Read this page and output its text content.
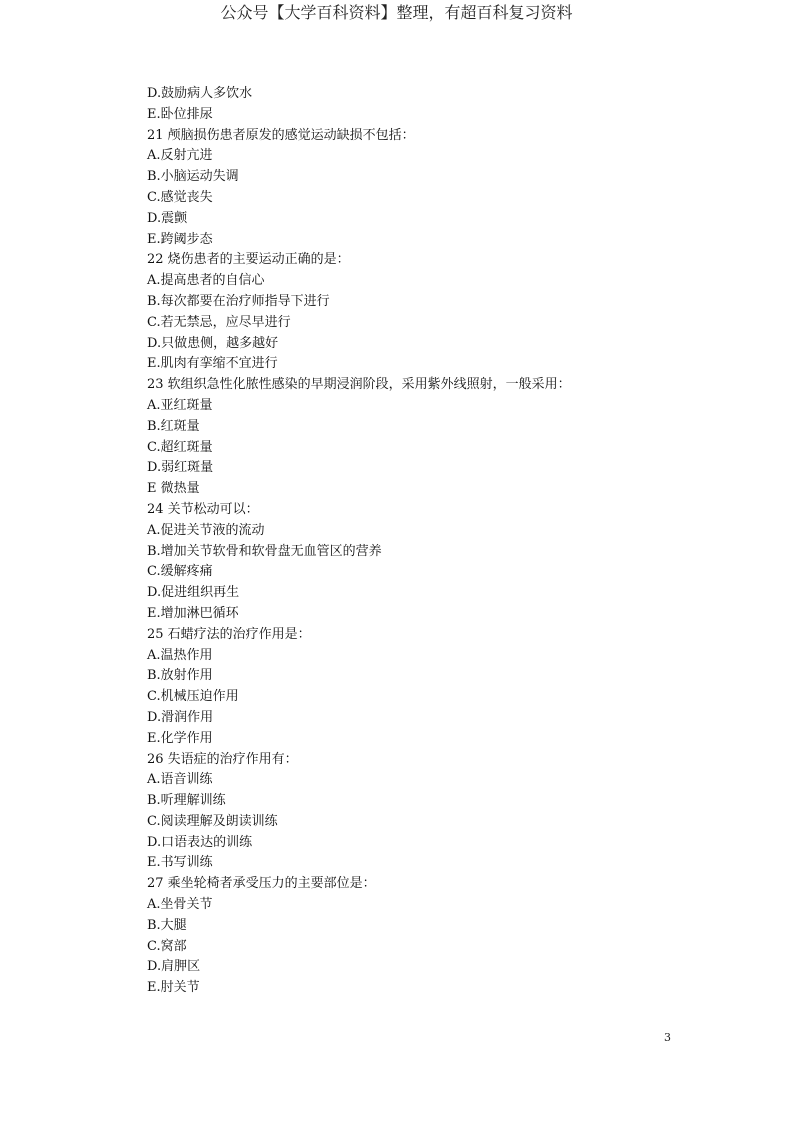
公众号【大学百科资料】整理，有超百科复习资料
D.鼓励病人多饮水
E.卧位排尿
21 颅脑损伤患者原发的感觉运动缺损不包括：
A.反射亢进
B.小脑运动失调
C.感觉丧失
D.震颤
E.跨阈步态
22 烧伤患者的主要运动正确的是：
A.提高患者的自信心
B.每次都要在治疗师指导下进行
C.若无禁忌，应尽早进行
D.只做患侧，越多越好
E.肌肉有挛缩不宜进行
23 软组织急性化脓性感染的早期浸润阶段，采用紫外线照射，一般采用：
A.亚红斑量
B.红斑量
C.超红斑量
D.弱红斑量
E 微热量
24 关节松动可以：
A.促进关节液的流动
B.增加关节软骨和软骨盘无血管区的营养
C.缓解疼痛
D.促进组织再生
E.增加淋巴循环
25 石蜡疗法的治疗作用是：
A.温热作用
B.放射作用
C.机械压迫作用
D.滑润作用
E.化学作用
26 失语症的治疗作用有：
A.语音训练
B.听理解训练
C.阅读理解及朗读训练
D.口语表达的训练
E.书写训练
27 乘坐轮椅者承受压力的主要部位是：
A.坐骨关节
B.大腿
C.窝部
D.肩胛区
E.肘关节
3
